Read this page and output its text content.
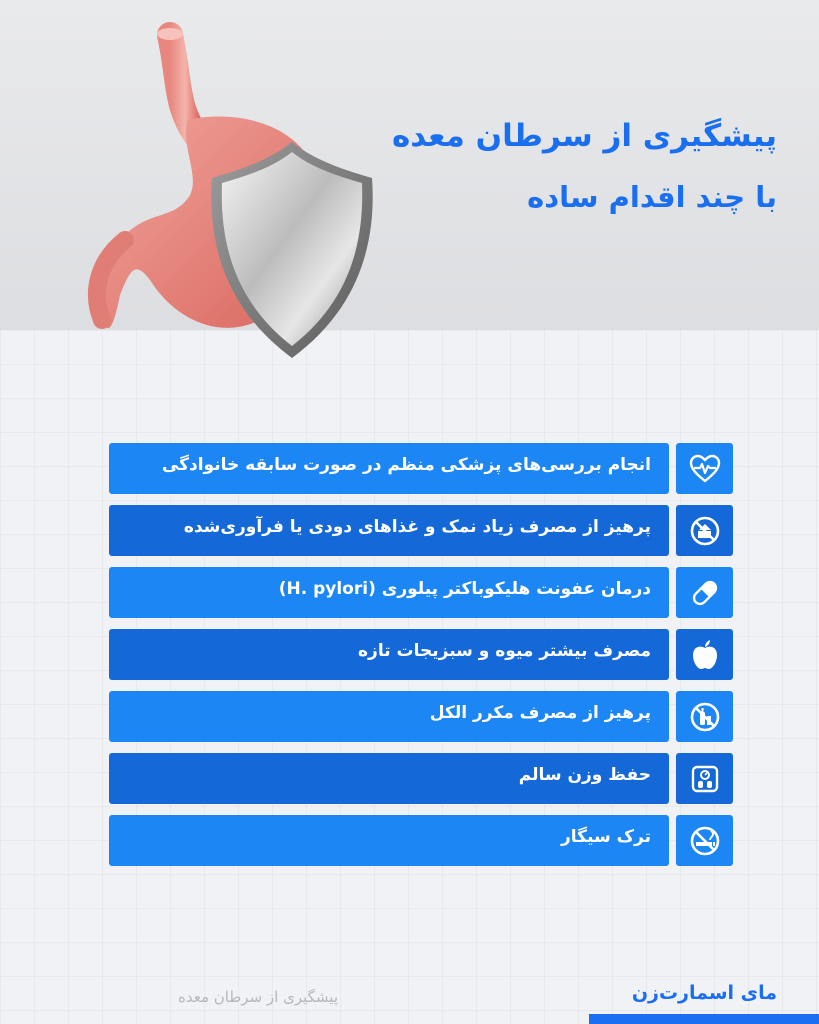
پیشگیری از سرطان معده
با چند اقدام ساده
انجام بررسی‌های پزشکی منظم در صورت سابقه خانوادگی
پرهیز از مصرف زیاد نمک و غذاهای دودی یا فرآوری‌شده
درمان عفونت هلیکوباکتر پیلوری (H. pylori)
مصرف بیشتر میوه و سبزیجات تازه
پرهیز از مصرف مکرر الکل
حفظ وزن سالم
ترک سیگار
پیشگیری از سرطان معده	مای اسمارت‌زن
